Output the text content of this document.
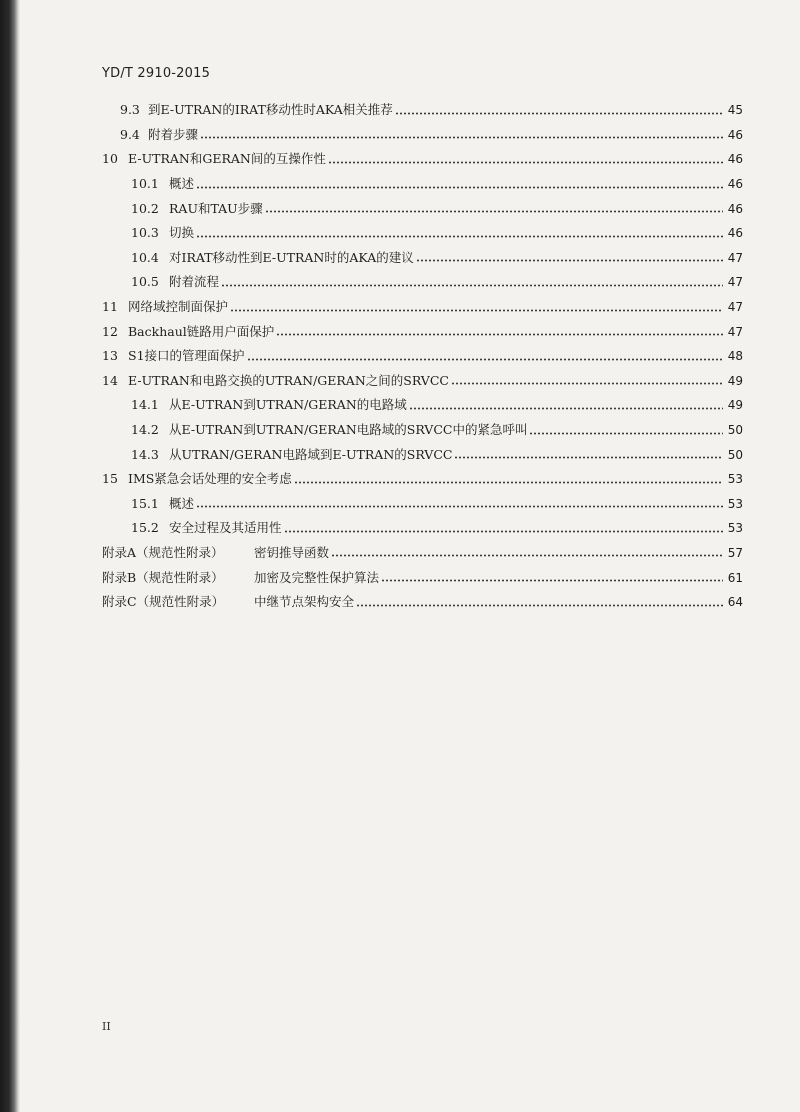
YD/T 2910-2015
9.3 到E-UTRAN的IRAT移动性时AKA相关推荐	45
9.4 附着步骤	46
10 E-UTRAN和GERAN间的互操作性	46
10.1 概述	46
10.2 RAU和TAU步骤	46
10.3 切换	46
10.4 对IRAT移动性到E-UTRAN时的AKA的建议	47
10.5 附着流程	47
11 网络域控制面保护	47
12 Backhaul链路用户面保护	47
13 S1接口的管理面保护	48
14 E-UTRAN和电路交换的UTRAN/GERAN之间的SRVCC	49
14.1 从E-UTRAN到UTRAN/GERAN的电路域	49
14.2 从E-UTRAN到UTRAN/GERAN电路域的SRVCC中的紧急呼叫	50
14.3 从UTRAN/GERAN电路域到E-UTRAN的SRVCC	50
15 IMS紧急会话处理的安全考虑	53
15.1 概述	53
15.2 安全过程及其适用性	53
附录A（规范性附录）	密钥推导函数	57
附录B（规范性附录）	加密及完整性保护算法	61
附录C（规范性附录）	中继节点架构安全	64
II
